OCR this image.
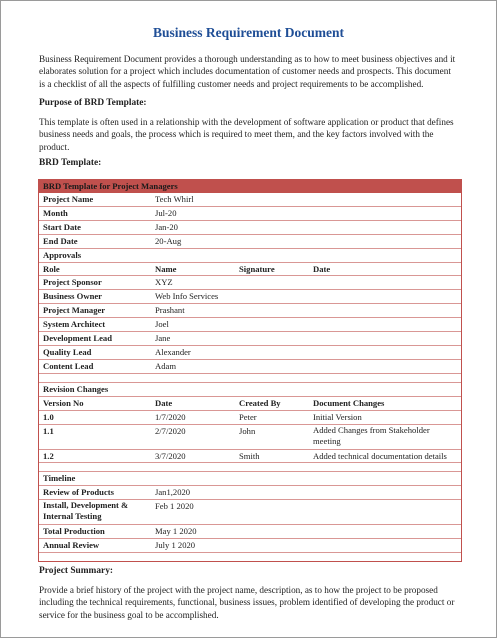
Business Requirement Document
Business Requirement Document provides a thorough understanding as to how to meet business objectives and it elaborates solution for a project which includes documentation of customer needs and prospects. This document is a checklist of all the aspects of fulfilling customer needs and project requirements to be accomplished.
Purpose of BRD Template:
This template is often used in a relationship with the development of software application or product that defines business needs and goals, the process which is required to meet them, and the key factors involved with the product.
BRD Template:
BRD Template for Project Managers			
Project Name	Tech Whirl		
Month	Jul-20		
Start Date	Jan-20		
End Date	20-Aug		
Approvals			
Role	Name	Signature	Date
Project Sponsor	XYZ		
Business Owner	Web Info Services		
Project Manager	Prashant		
System Architect	Joel		
Development Lead	Jane		
Quality Lead	Alexander		
Content Lead	Adam		

Revision Changes			
Version No	Date	Created By	Document Changes
1.0	1/7/2020	Peter	Initial Version
1.1	2/7/2020	John	Added Changes from Stakeholder meeting
1.2	3/7/2020	Smith	Added technical documentation details

Timeline			
Review of Products	Jan1,2020		
Install, Development & Internal Testing	Feb 1 2020		
Total Production	May 1 2020		
Annual Review	July 1 2020		

Project Summary:
Provide a brief history of the project with the project name, description, as to how the project to be proposed including the technical requirements, functional, business issues, problem identified of developing the product or service for the business goal to be accomplished.
